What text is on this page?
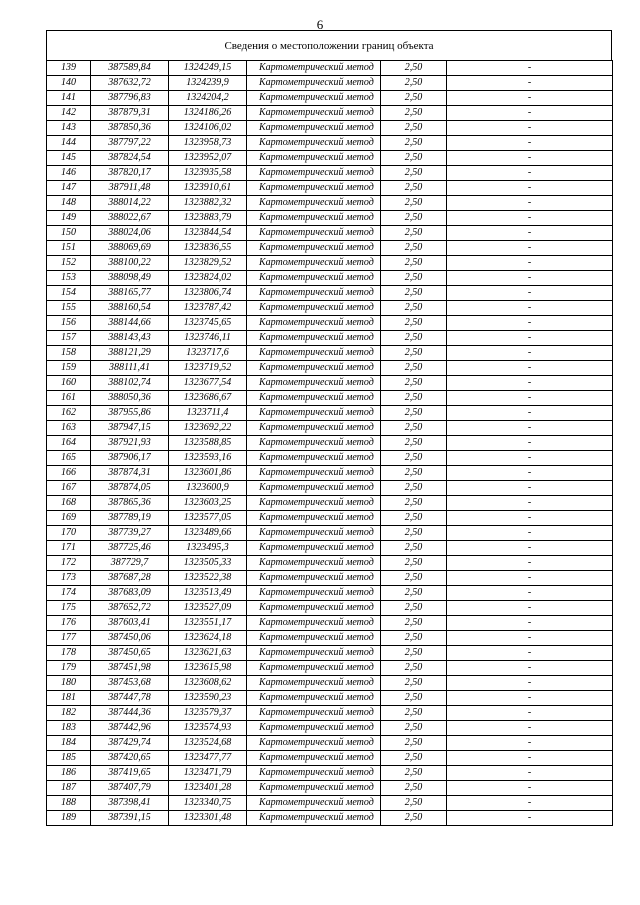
6
Сведения о местоположении границ объекта
139	387589,84	1324249,15	Картометрический метод	2,50	-
140	387632,72	1324239,9	Картометрический метод	2,50	-
141	387796,83	1324204,2	Картометрический метод	2,50	-
142	387879,31	1324186,26	Картометрический метод	2,50	-
143	387850,36	1324106,02	Картометрический метод	2,50	-
144	387797,22	1323958,73	Картометрический метод	2,50	-
145	387824,54	1323952,07	Картометрический метод	2,50	-
146	387820,17	1323935,58	Картометрический метод	2,50	-
147	387911,48	1323910,61	Картометрический метод	2,50	-
148	388014,22	1323882,32	Картометрический метод	2,50	-
149	388022,67	1323883,79	Картометрический метод	2,50	-
150	388024,06	1323844,54	Картометрический метод	2,50	-
151	388069,69	1323836,55	Картометрический метод	2,50	-
152	388100,22	1323829,52	Картометрический метод	2,50	-
153	388098,49	1323824,02	Картометрический метод	2,50	-
154	388165,77	1323806,74	Картометрический метод	2,50	-
155	388160,54	1323787,42	Картометрический метод	2,50	-
156	388144,66	1323745,65	Картометрический метод	2,50	-
157	388143,43	1323746,11	Картометрический метод	2,50	-
158	388121,29	1323717,6	Картометрический метод	2,50	-
159	388111,41	1323719,52	Картометрический метод	2,50	-
160	388102,74	1323677,54	Картометрический метод	2,50	-
161	388050,36	1323686,67	Картометрический метод	2,50	-
162	387955,86	1323711,4	Картометрический метод	2,50	-
163	387947,15	1323692,22	Картометрический метод	2,50	-
164	387921,93	1323588,85	Картометрический метод	2,50	-
165	387906,17	1323593,16	Картометрический метод	2,50	-
166	387874,31	1323601,86	Картометрический метод	2,50	-
167	387874,05	1323600,9	Картометрический метод	2,50	-
168	387865,36	1323603,25	Картометрический метод	2,50	-
169	387789,19	1323577,05	Картометрический метод	2,50	-
170	387739,27	1323489,66	Картометрический метод	2,50	-
171	387725,46	1323495,3	Картометрический метод	2,50	-
172	387729,7	1323505,33	Картометрический метод	2,50	-
173	387687,28	1323522,38	Картометрический метод	2,50	-
174	387683,09	1323513,49	Картометрический метод	2,50	-
175	387652,72	1323527,09	Картометрический метод	2,50	-
176	387603,41	1323551,17	Картометрический метод	2,50	-
177	387450,06	1323624,18	Картометрический метод	2,50	-
178	387450,65	1323621,63	Картометрический метод	2,50	-
179	387451,98	1323615,98	Картометрический метод	2,50	-
180	387453,68	1323608,62	Картометрический метод	2,50	-
181	387447,78	1323590,23	Картометрический метод	2,50	-
182	387444,36	1323579,37	Картометрический метод	2,50	-
183	387442,96	1323574,93	Картометрический метод	2,50	-
184	387429,74	1323524,68	Картометрический метод	2,50	-
185	387420,65	1323477,77	Картометрический метод	2,50	-
186	387419,65	1323471,79	Картометрический метод	2,50	-
187	387407,79	1323401,28	Картометрический метод	2,50	-
188	387398,41	1323340,75	Картометрический метод	2,50	-
189	387391,15	1323301,48	Картометрический метод	2,50	-
